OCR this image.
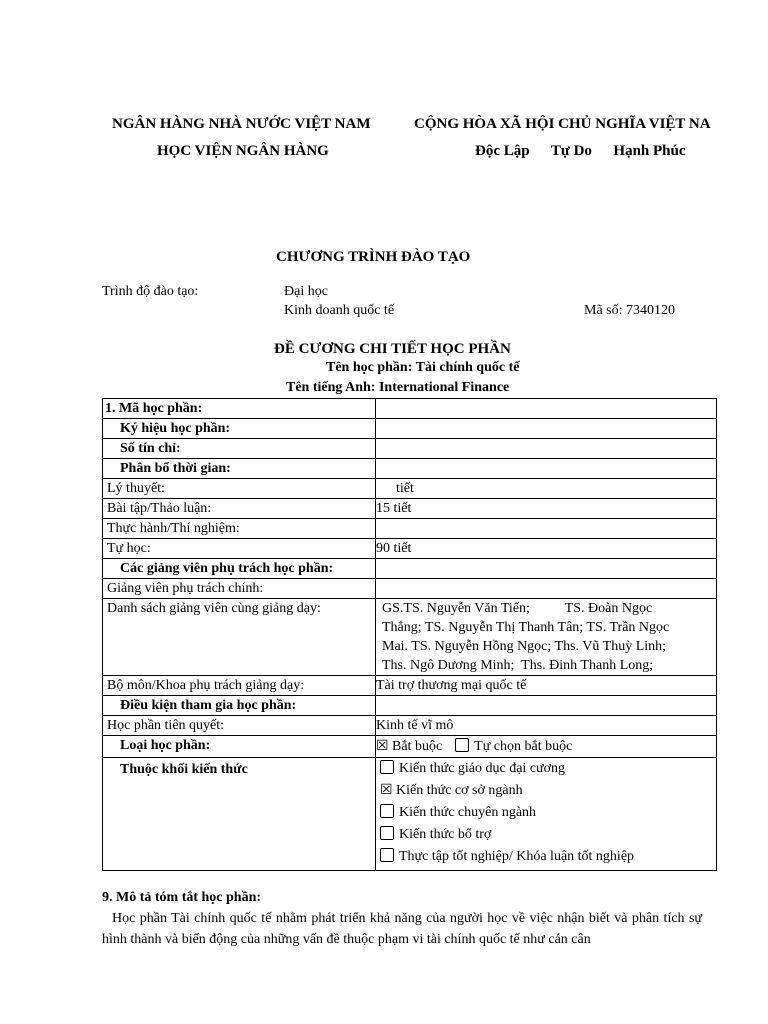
NGÂN HÀNG NHÀ NƯỚC VIỆT NAM
HỌC VIỆN NGÂN HÀNG
CỘNG HÒA XÃ HỘI CHỦ NGHĨA VIỆT NA
Độc Lập Tự Do Hạnh Phúc
CHƯƠNG TRÌNH ĐÀO TẠO
Trình độ đào tạo:	Đại học
Kinh doanh quốc tế	Mã số: 7340120
ĐỀ CƯƠNG CHI TIẾT HỌC PHẦN
Tên học phần: Tài chính quốc tế
Tên tiếng Anh: International Finance
1. Mã học phần:	
Ký hiệu học phần:	
Số tín chỉ:	
Phân bổ thời gian:	
Lý thuyết:	tiết
Bài tập/Thảo luận:	15 tiết
Thực hành/Thí nghiệm:	
Tự học:	90 tiết
Các giảng viên phụ trách học phần:	
Giảng viên phụ trách chính:	
Danh sách giảng viên cùng giảng dạy:	GS.TS. Nguyễn Văn Tiến;          TS. Đoàn Ngọc
Thắng; TS. Nguyễn Thị Thanh Tân; TS. Trần Ngọc
Mai. TS. Nguyễn Hồng Ngọc; Ths. Vũ Thuỳ Linh;
Ths. Ngô Dương Minh;  Ths. Đinh Thanh Long;

Bộ môn/Khoa phụ trách giảng dạy:	Tài trợ thương mại quốc tế
Điều kiện tham gia học phần:	
Học phần tiên quyết:	Kinh tế vĩ mô
Loại học phần:	☒ Bắt buộc Tự chọn bắt buộc
Thuộc khối kiến thức	Kiến thức giáo dục đại cương
☒ Kiến thức cơ sở ngành
Kiến thức chuyên ngành
Kiến thức bổ trợ
Thực tập tốt nghiệp/ Khóa luận tốt nghiệp
9. Mô tả tóm tắt học phần:
Học phần Tài chính quốc tế nhằm phát triển khả năng của người học về việc nhận biết và phân tích sự hình thành và biến động của những vấn đề thuộc phạm vi tài chính quốc tế như cán cân
